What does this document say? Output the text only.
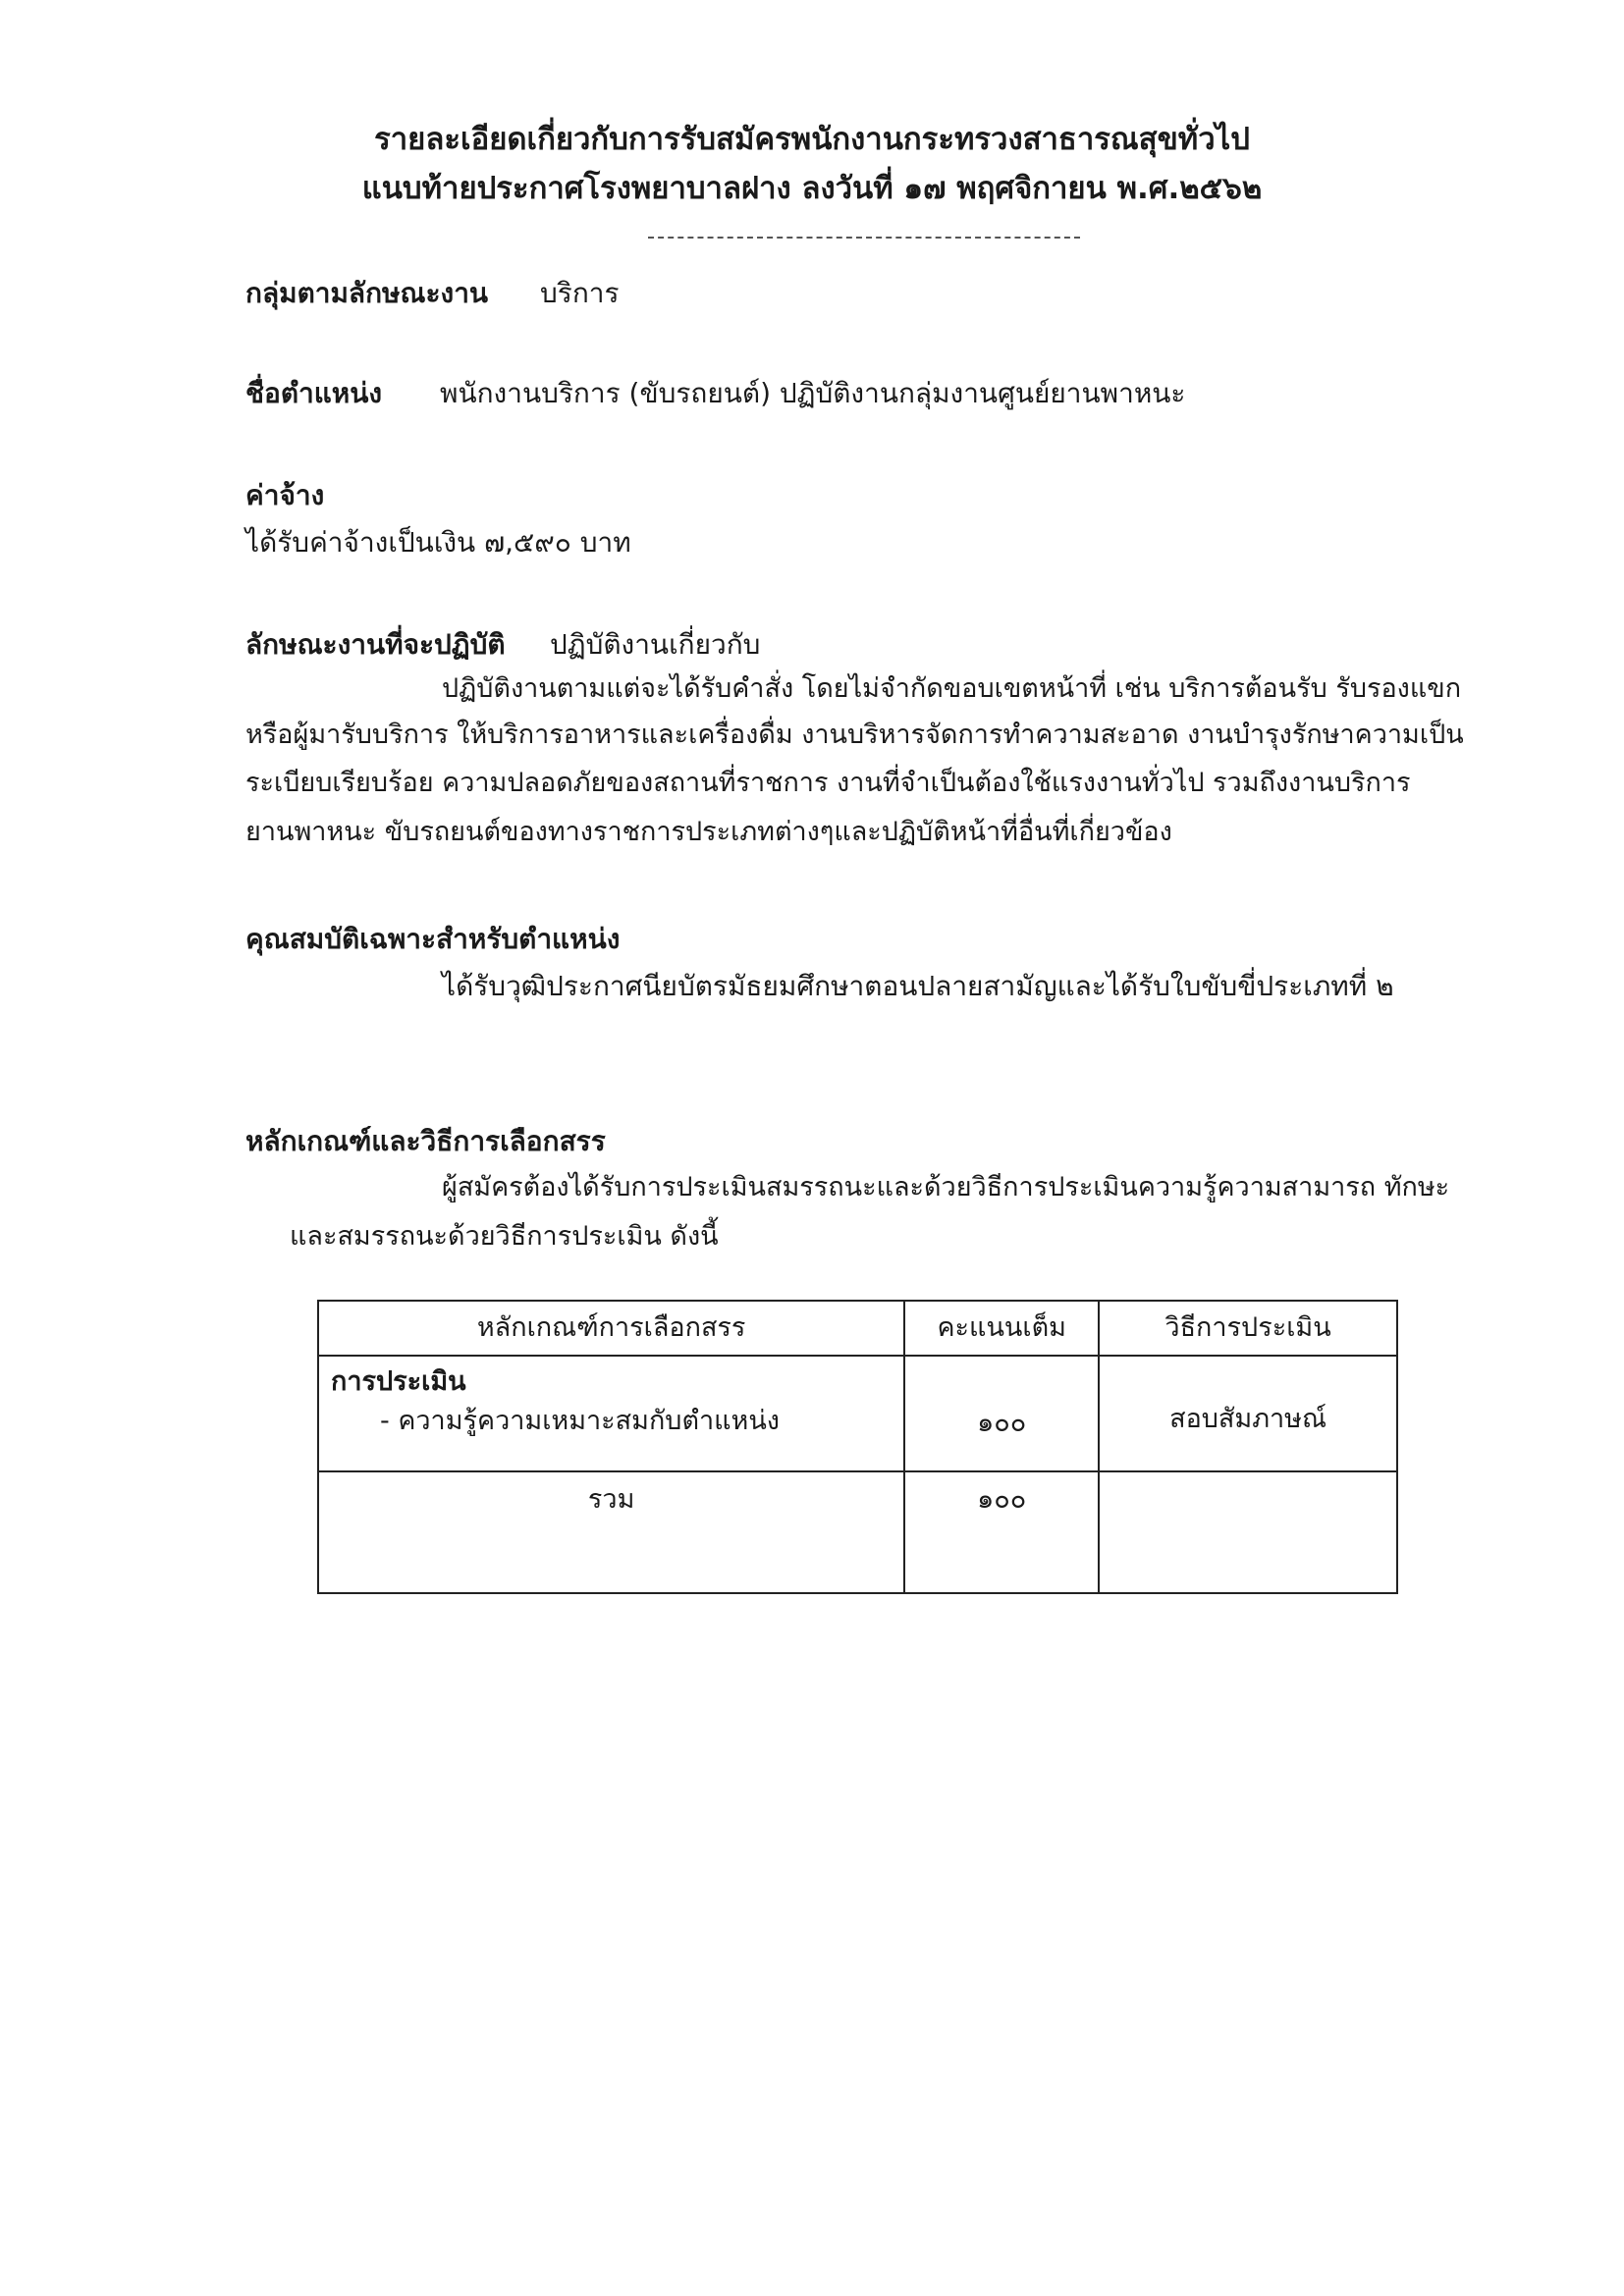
รายละเอียดเกี่ยวกับการรับสมัครพนักงานกระทรวงสาธารณสุขทั่วไป
แนบท้ายประกาศโรงพยาบาลฝาง ลงวันที่ ๑๗ พฤศจิกายน พ.ศ.๒๕๖๒
กลุ่มตามลักษณะงาน บริการ
ชื่อตำแหน่ง พนักงานบริการ (ขับรถยนต์) ปฏิบัติงานกลุ่มงานศูนย์ยานพาหนะ
ค่าจ้าง
ได้รับค่าจ้างเป็นเงิน ๗,๕๙๐ บาท
ลักษณะงานที่จะปฏิบัติ ปฏิบัติงานเกี่ยวกับ
ปฏิบัติงานตามแต่จะได้รับคำสั่ง โดยไม่จำกัดขอบเขตหน้าที่ เช่น บริการต้อนรับ รับรองแขก
หรือผู้มารับบริการ ให้บริการอาหารและเครื่องดื่ม งานบริหารจัดการทำความสะอาด งานบำรุงรักษาความเป็น
ระเบียบเรียบร้อย ความปลอดภัยของสถานที่ราชการ งานที่จำเป็นต้องใช้แรงงานทั่วไป รวมถึงงานบริการ
ยานพาหนะ ขับรถยนต์ของทางราชการประเภทต่างๆและปฏิบัติหน้าที่อื่นที่เกี่ยวข้อง
คุณสมบัติเฉพาะสำหรับตำแหน่ง
ได้รับวุฒิประกาศนียบัตรมัธยมศึกษาตอนปลายสามัญและได้รับใบขับขี่ประเภทที่ ๒
หลักเกณฑ์และวิธีการเลือกสรร
ผู้สมัครต้องได้รับการประเมินสมรรถนะและด้วยวิธีการประเมินความรู้ความสามารถ ทักษะ
และสมรรถนะด้วยวิธีการประเมิน ดังนี้
หลักเกณฑ์การเลือกสรร	คะแนนเต็ม	วิธีการประเมิน

การประเมิน
- ความรู้ความเหมาะสมกับตำแหน่ง	๑๐๐	สอบสัมภาษณ์

รวม	๑๐๐	
